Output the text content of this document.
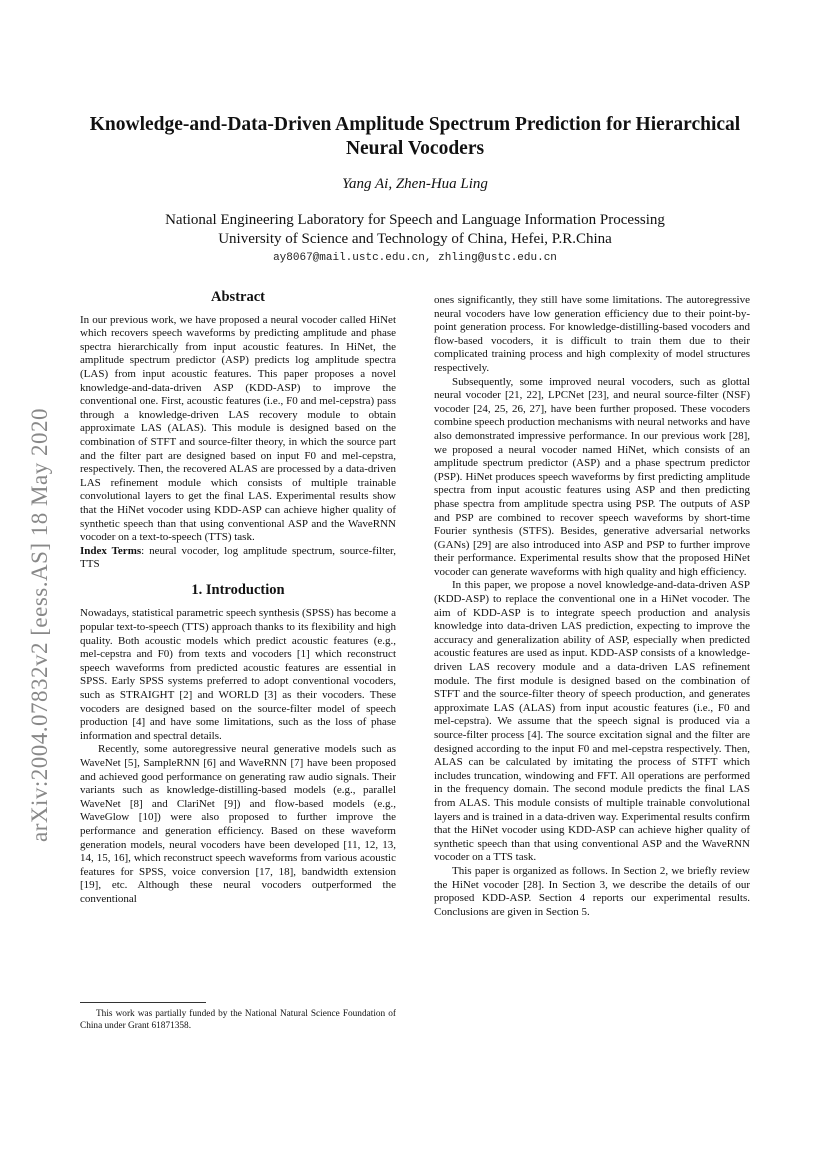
arXiv:2004.07832v2 [eess.AS] 18 May 2020
Knowledge-and-Data-Driven Amplitude Spectrum Prediction for Hierarchical Neural Vocoders
Yang Ai, Zhen-Hua Ling
National Engineering Laboratory for Speech and Language Information Processing
University of Science and Technology of China, Hefei, P.R.China
ay8067@mail.ustc.edu.cn, zhling@ustc.edu.cn
Abstract

In our previous work, we have proposed a neural vocoder called HiNet which recovers speech waveforms by predicting amplitude and phase spectra hierarchically from input acoustic features. In HiNet, the amplitude spectrum predictor (ASP) predicts log amplitude spectra (LAS) from input acoustic features. This paper proposes a novel knowledge-and-data-driven ASP (KDD-ASP) to improve the conventional one. First, acoustic features (i.e., F0 and mel-cepstra) pass through a knowledge-driven LAS recovery module to obtain approximate LAS (ALAS). This module is designed based on the combination of STFT and source-filter theory, in which the source part and the filter part are designed based on input F0 and mel-cepstra, respectively. Then, the recovered ALAS are processed by a data-driven LAS refinement module which consists of multiple trainable convolutional layers to get the final LAS. Experimental results show that the HiNet vocoder using KDD-ASP can achieve higher quality of synthetic speech than that using conventional ASP and the WaveRNN vocoder on a text-to-speech (TTS) task.

Index Terms: neural vocoder, log amplitude spectrum, source-filter, TTS

1. Introduction

Nowadays, statistical parametric speech synthesis (SPSS) has become a popular text-to-speech (TTS) approach thanks to its flexibility and high quality. Both acoustic models which predict acoustic features (e.g., mel-cepstra and F0) from texts and vocoders [1] which reconstruct speech waveforms from predicted acoustic features are essential in SPSS. Early SPSS systems preferred to adopt conventional vocoders, such as STRAIGHT [2] and WORLD [3] as their vocoders. These vocoders are designed based on the source-filter model of speech production [4] and have some limitations, such as the loss of phase information and spectral details.

Recently, some autoregressive neural generative models such as WaveNet [5], SampleRNN [6] and WaveRNN [7] have been proposed and achieved good performance on generating raw audio signals. Their variants such as knowledge-distilling-based models (e.g., parallel WaveNet [8] and ClariNet [9]) and flow-based models (e.g., WaveGlow [10]) were also proposed to further improve the performance and generation efficiency. Based on these waveform generation models, neural vocoders have been developed [11, 12, 13, 14, 15, 16], which reconstruct speech waveforms from various acoustic features for SPSS, voice conversion [17, 18], bandwidth extension [19], etc. Although these neural vocoders outperformed the conventional

This work was partially funded by the National Natural Science Foundation of China under Grant 61871358.

ones significantly, they still have some limitations. The autoregressive neural vocoders have low generation efficiency due to their point-by-point generation process. For knowledge-distilling-based vocoders and flow-based vocoders, it is difficult to train them due to their complicated training process and high complexity of model structures respectively.

Subsequently, some improved neural vocoders, such as glottal neural vocoder [21, 22], LPCNet [23], and neural source-filter (NSF) vocoder [24, 25, 26, 27], have been further proposed. These vocoders combine speech production mechanisms with neural networks and have also demonstrated impressive performance. In our previous work [28], we proposed a neural vocoder named HiNet, which consists of an amplitude spectrum predictor (ASP) and a phase spectrum predictor (PSP). HiNet produces speech waveforms by first predicting amplitude spectra from input acoustic features using ASP and then predicting phase spectra from amplitude spectra using PSP. The outputs of ASP and PSP are combined to recover speech waveforms by short-time Fourier synthesis (STFS). Besides, generative adversarial networks (GANs) [29] are also introduced into ASP and PSP to further improve their performance. Experimental results show that the proposed HiNet vocoder can generate waveforms with high quality and high efficiency.

In this paper, we propose a novel knowledge-and-data-driven ASP (KDD-ASP) to replace the conventional one in a HiNet vocoder. The aim of KDD-ASP is to integrate speech production and analysis knowledge into data-driven LAS prediction, expecting to improve the accuracy and generalization ability of ASP, especially when predicted acoustic features are used as input. KDD-ASP consists of a knowledge-driven LAS recovery module and a data-driven LAS refinement module. The first module is designed based on the combination of STFT and the source-filter theory of speech production, and generates approximate LAS (ALAS) from input acoustic features (i.e., F0 and mel-cepstra). We assume that the speech signal is produced via a source-filter process [4]. The source excitation signal and the filter are designed according to the input F0 and mel-cepstra respectively. Then, ALAS can be calculated by imitating the process of STFT which includes truncation, windowing and FFT. All operations are performed in the frequency domain. The second module predicts the final LAS from ALAS. This module consists of multiple trainable convolutional layers and is trained in a data-driven way. Experimental results confirm that the HiNet vocoder using KDD-ASP can achieve higher quality of synthetic speech than that using conventional ASP and the WaveRNN vocoder on a TTS task.

This paper is organized as follows. In Section 2, we briefly review the HiNet vocoder [28]. In Section 3, we describe the details of our proposed KDD-ASP. Section 4 reports our experimental results. Conclusions are given in Section 5.
